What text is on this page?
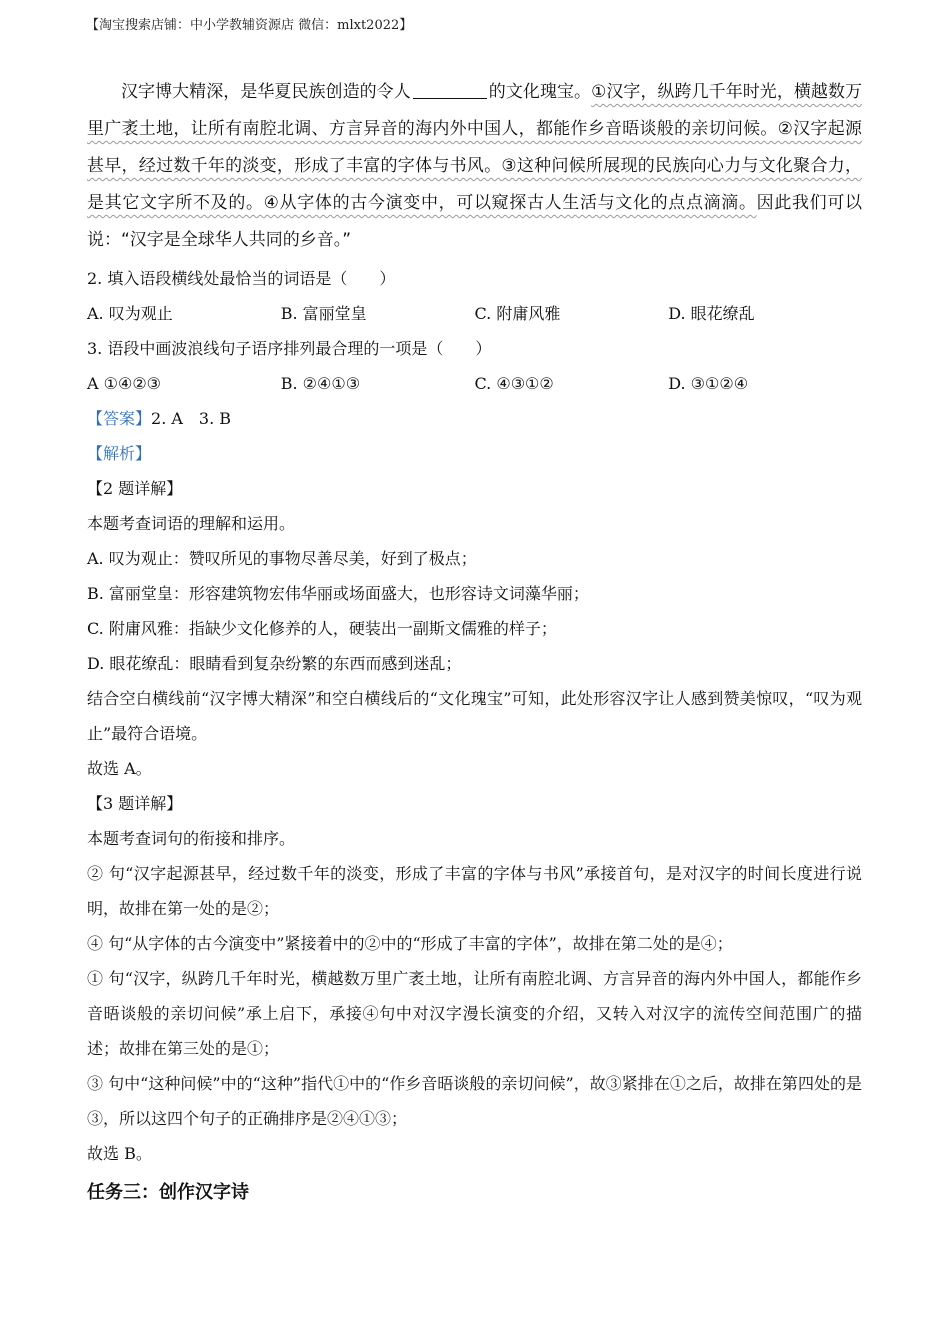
【淘宝搜索店铺：中小学教辅资源店 微信：mlxt2022】

汉字博大精深，是华夏民族创造的令人	的文化瑰宝。①汉字，纵跨几千年时光，横越数万里广袤土地，让所有南腔北调、方言异音的海内外中国人，都能作乡音晤谈般的亲切问候。②汉字起源甚早，经过数千年的淡变，形成了丰富的字体与书风。③这种问候所展现的民族向心力与文化聚合力，是其它文字所不及的。④从字体的古今演变中，可以窥探古人生活与文化的点点滴滴。因此我们可以说：“汉字是全球华人共同的乡音。”

2. 填入语段横线处最恰当的词语是（　　）

A. 叹为观止	B. 富丽堂皇	C. 附庸风雅	D. 眼花缭乱

3. 语段中画波浪线句子语序排列最合理的一项是（　　）

A ①④②③	B. ②④①③	C. ④③①②	D. ③①②④

【答案】2. A　3. B

【解析】

【2 题详解】

本题考查词语的理解和运用。

A. 叹为观止：赞叹所见的事物尽善尽美，好到了极点；

B. 富丽堂皇：形容建筑物宏伟华丽或场面盛大，也形容诗文词藻华丽；

C. 附庸风雅：指缺少文化修养的人，硬装出一副斯文儒雅的样子；

D. 眼花缭乱：眼睛看到复杂纷繁的东西而感到迷乱；

结合空白横线前“汉字博大精深”和空白横线后的“文化瑰宝”可知，此处形容汉字让人感到赞美惊叹，“叹为观止”最符合语境。

故选 A。

【3 题详解】

本题考查词句的衔接和排序。

② 句“汉字起源甚早，经过数千年的淡变，形成了丰富的字体与书风”承接首句，是对汉字的时间长度进行说明，故排在第一处的是②；

④ 句“从字体的古今演变中”紧接着中的②中的“形成了丰富的字体”，故排在第二处的是④；

① 句“汉字，纵跨几千年时光，横越数万里广袤土地，让所有南腔北调、方言异音的海内外中国人，都能作乡音晤谈般的亲切问候”承上启下，承接④句中对汉字漫长演变的介绍，又转入对汉字的流传空间范围广的描述；故排在第三处的是①；

③ 句中“这种问候”中的“这种”指代①中的“作乡音晤谈般的亲切问候”，故③紧排在①之后，故排在第四处的是③，所以这四个句子的正确排序是②④①③；

故选 B。

任务三：创作汉字诗
